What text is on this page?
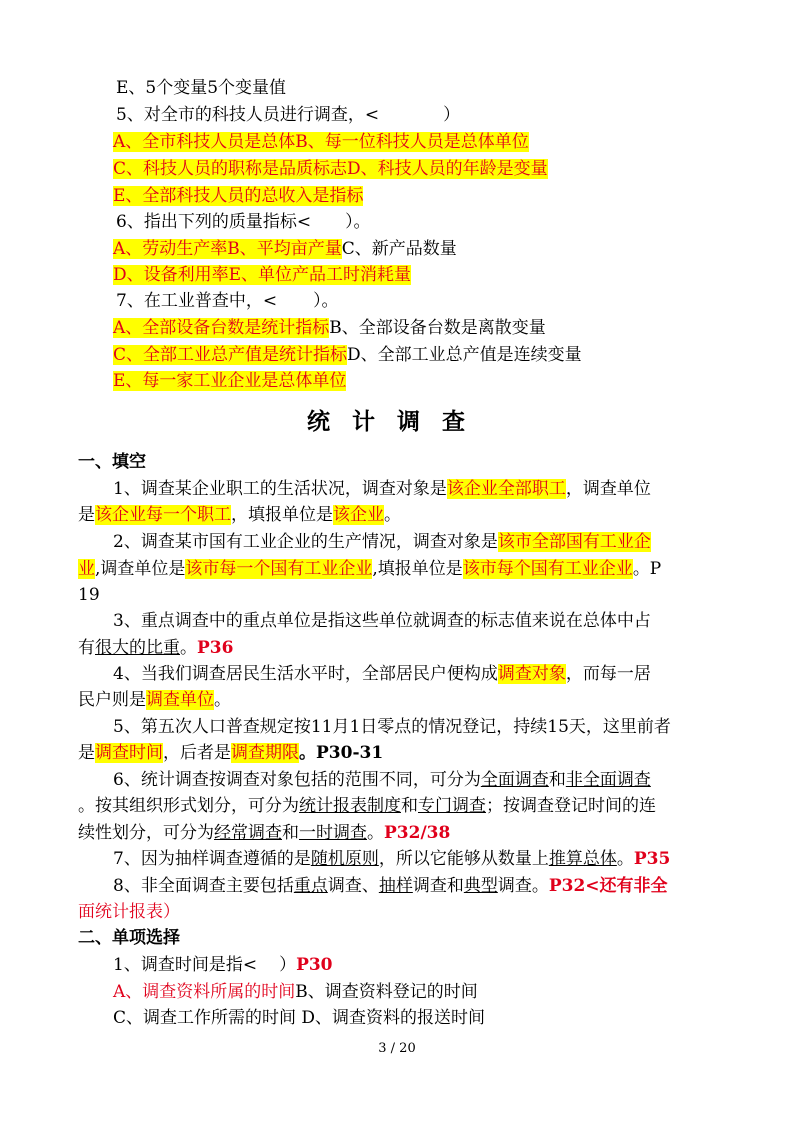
E、5个变量5个变量值
5、对全市的科技人员进行调查，<	）
A、全市科技人员是总体B、每一位科技人员是总体单位
C、科技人员的职称是品质标志D、科技人员的年龄是变量
E、全部科技人员的总收入是指标
6、指出下列的质量指标< ）。
A、劳动生产率B、平均亩产量C、新产品数量
D、设备利用率E、单位产品工时消耗量
7、在工业普查中，< ）。
A、全部设备台数是统计指标B、全部设备台数是离散变量
C、全部工业总产值是统计指标D、全部工业总产值是连续变量
E、每一家工业企业是总体单位
统计调查
一、填空
1、调查某企业职工的生活状况，调查对象是该企业全部职工，调查单位
是该企业每一个职工，填报单位是该企业。
2、调查某市国有工业企业的生产情况，调查对象是该市全部国有工业企
业,调查单位是该市每一个国有工业企业,填报单位是该市每个国有工业企业。P
19
3、重点调查中的重点单位是指这些单位就调查的标志值来说在总体中占
有很大的比重。P36
4、当我们调查居民生活水平时，全部居民户便构成调查对象，而每一居
民户则是调查单位。
5、第五次人口普查规定按11月1日零点的情况登记，持续15天，这里前者
是调查时间，后者是调查期限。P30-31
6、统计调查按调查对象包括的范围不同，可分为全面调查和非全面调查
。按其组织形式划分，可分为统计报表制度和专门调查；按调查登记时间的连
续性划分，可分为经常调查和一时调查。P32/38
7、因为抽样调查遵循的是随机原则，所以它能够从数量上推算总体。P35
8、非全面调查主要包括重点调查、抽样调查和典型调查。P32<还有非全
面统计报表）
二、单项选择
1、调查时间是指< ）P30
A、调查资料所属的时间B、调查资料登记的时间
C、调查工作所需的时间 D、调查资料的报送时间
3 / 20
